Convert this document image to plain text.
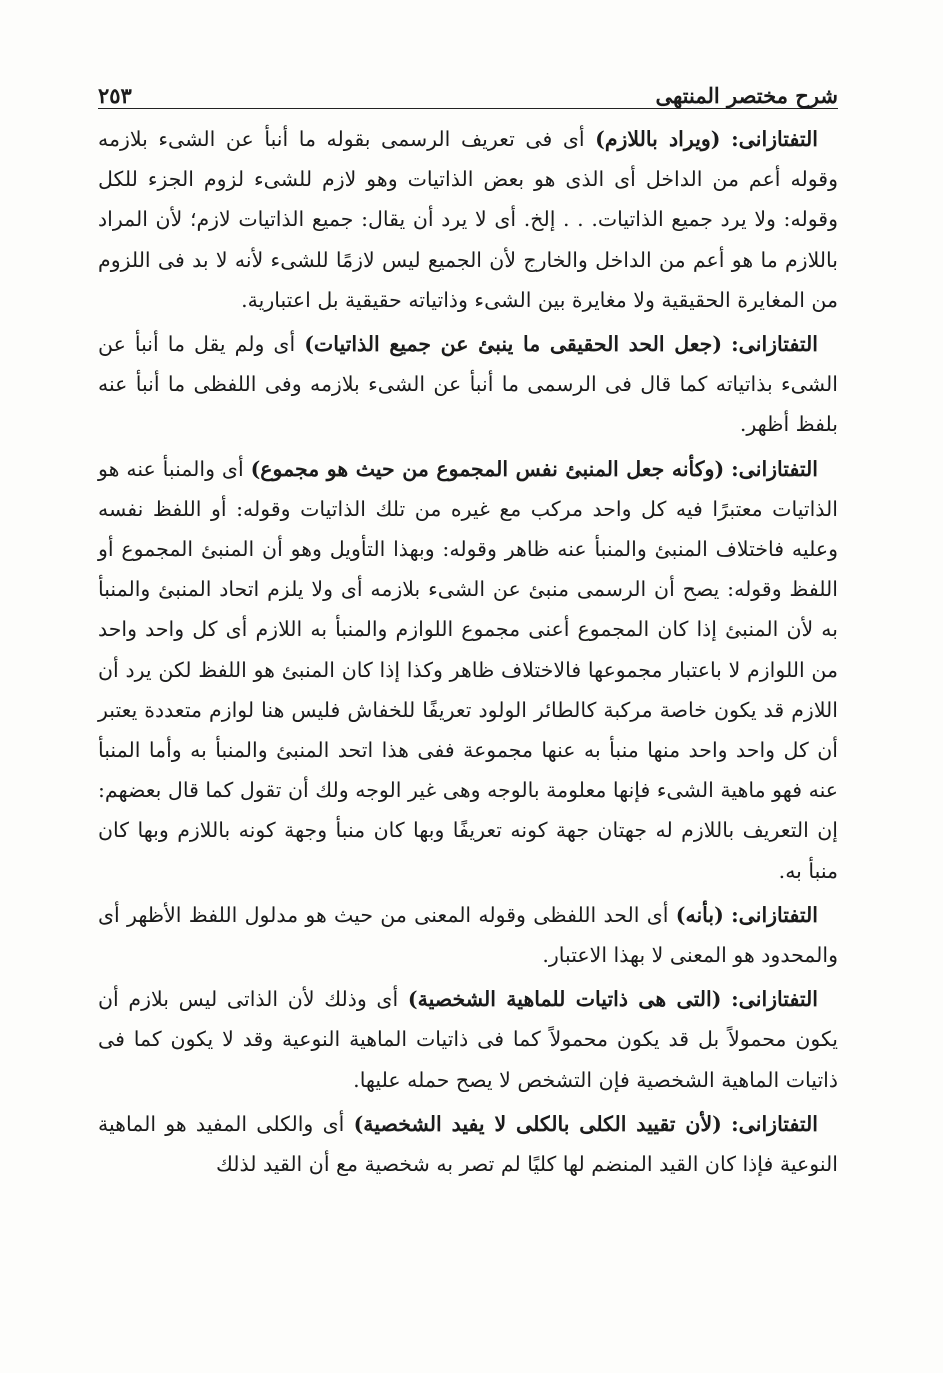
شرح مختصر المنتهى
٢٥٣

التفتازانى: (ويراد باللازم) أى فى تعريف الرسمى بقوله ما أنبأ عن الشىء بلازمه وقوله أعم من الداخل أى الذى هو بعض الذاتيات وهو لازم للشىء لزوم الجزء للكل وقوله: ولا يرد جميع الذاتيات. . . إلخ. أى لا يرد أن يقال: جميع الذاتيات لازم؛ لأن المراد باللازم ما هو أعم من الداخل والخارج لأن الجميع ليس لازمًا للشىء لأنه لا بد فى اللزوم من المغايرة الحقيقية ولا مغايرة بين الشىء وذاتياته حقيقية بل اعتبارية.

التفتازانى: (جعل الحد الحقيقى ما ينبئ عن جميع الذاتيات) أى ولم يقل ما أنبأ عن الشىء بذاتياته كما قال فى الرسمى ما أنبأ عن الشىء بلازمه وفى اللفظى ما أنبأ عنه بلفظ أظهر.

التفتازانى: (وكأنه جعل المنبئ نفس المجموع من حيث هو مجموع) أى والمنبأ عنه هو الذاتيات معتبرًا فيه كل واحد مركب مع غيره من تلك الذاتيات وقوله: أو اللفظ نفسه وعليه فاختلاف المنبئ والمنبأ عنه ظاهر وقوله: وبهذا التأويل وهو أن المنبئ المجموع أو اللفظ وقوله: يصح أن الرسمى منبئ عن الشىء بلازمه أى ولا يلزم اتحاد المنبئ والمنبأ به لأن المنبئ إذا كان المجموع أعنى مجموع اللوازم والمنبأ به اللازم أى كل واحد واحد من اللوازم لا باعتبار مجموعها فالاختلاف ظاهر وكذا إذا كان المنبئ هو اللفظ لكن يرد أن اللازم قد يكون خاصة مركبة كالطائر الولود تعريفًا للخفاش فليس هنا لوازم متعددة يعتبر أن كل واحد واحد منها منبأ به عنها مجموعة ففى هذا اتحد المنبئ والمنبأ به وأما المنبأ عنه فهو ماهية الشىء فإنها معلومة بالوجه وهى غير الوجه ولك أن تقول كما قال بعضهم: إن التعريف باللازم له جهتان جهة كونه تعريفًا وبها كان منبأ وجهة كونه باللازم وبها كان منبأ به.

التفتازانى: (بأنه) أى الحد اللفظى وقوله المعنى من حيث هو مدلول اللفظ الأظهر أى والمحدود هو المعنى لا بهذا الاعتبار.

التفتازانى: (التى هى ذاتيات للماهية الشخصية) أى وذلك لأن الذاتى ليس بلازم أن يكون محمولاً بل قد يكون محمولاً كما فى ذاتيات الماهية النوعية وقد لا يكون كما فى ذاتيات الماهية الشخصية فإن التشخص لا يصح حمله عليها.

التفتازانى: (لأن تقييد الكلى بالكلى لا يفيد الشخصية) أى والكلى المفيد هو الماهية النوعية فإذا كان القيد المنضم لها كليًا لم تصر به شخصية مع أن القيد لذلك
